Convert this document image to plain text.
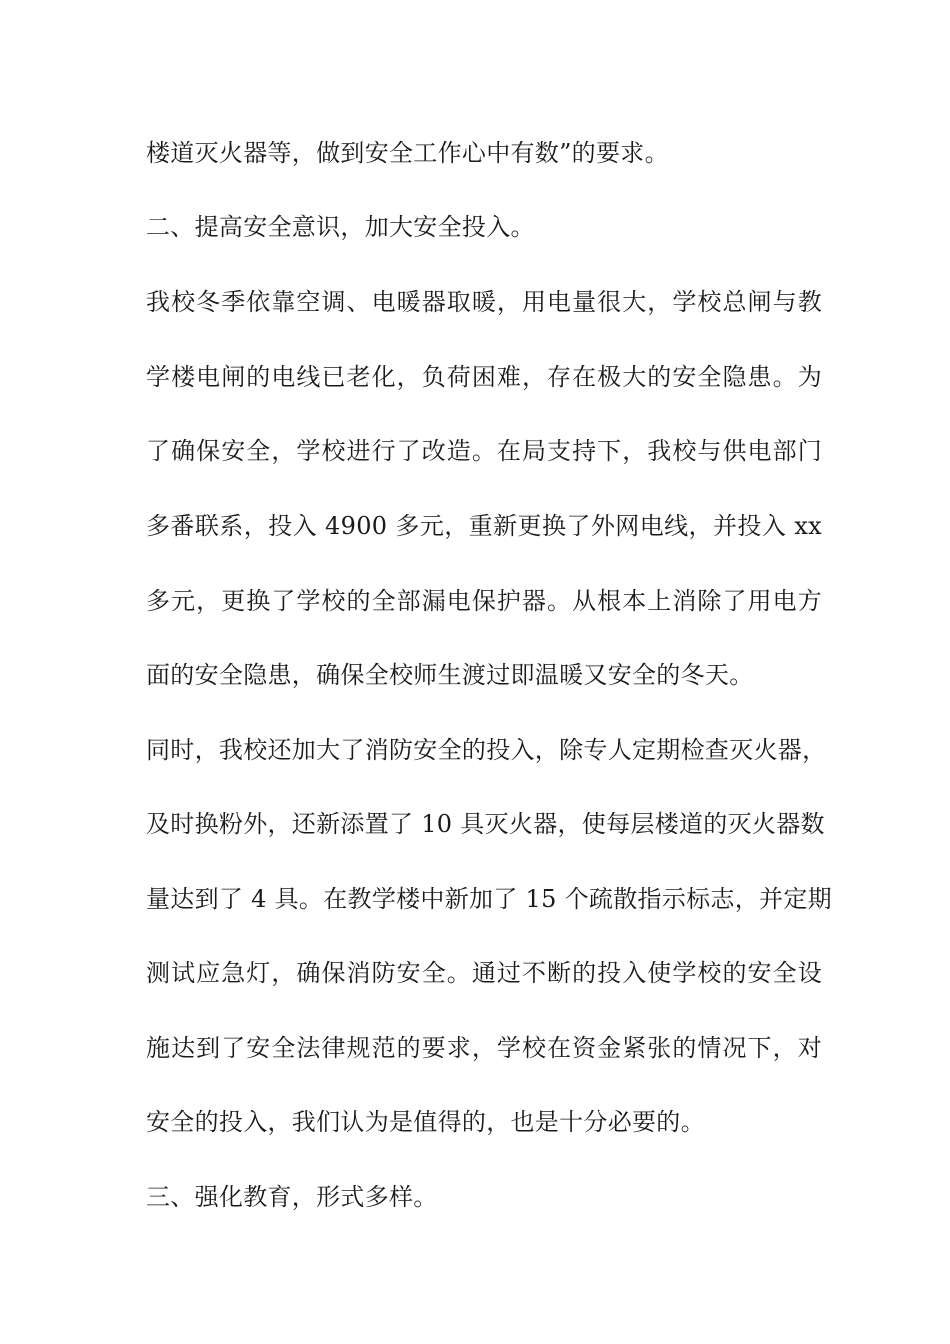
楼道灭火器等，做到安全工作心中有数”的要求。
二、提高安全意识，加大安全投入。
我校冬季依靠空调、电暖器取暖，用电量很大，学校总闸与教
学楼电闸的电线已老化，负荷困难，存在极大的安全隐患。为
了确保安全，学校进行了改造。在局支持下，我校与供电部门
多番联系，投入 4900 多元，重新更换了外网电线，并投入 xx
多元，更换了学校的全部漏电保护器。从根本上消除了用电方
面的安全隐患，确保全校师生渡过即温暖又安全的冬天。
同时，我校还加大了消防安全的投入，除专人定期检查灭火器，
及时换粉外，还新添置了 10 具灭火器，使每层楼道的灭火器数
量达到了 4 具。在教学楼中新加了 15 个疏散指示标志，并定期
测试应急灯，确保消防安全。通过不断的投入使学校的安全设
施达到了安全法律规范的要求，学校在资金紧张的情况下，对
安全的投入，我们认为是值得的，也是十分必要的。
三、强化教育，形式多样。
